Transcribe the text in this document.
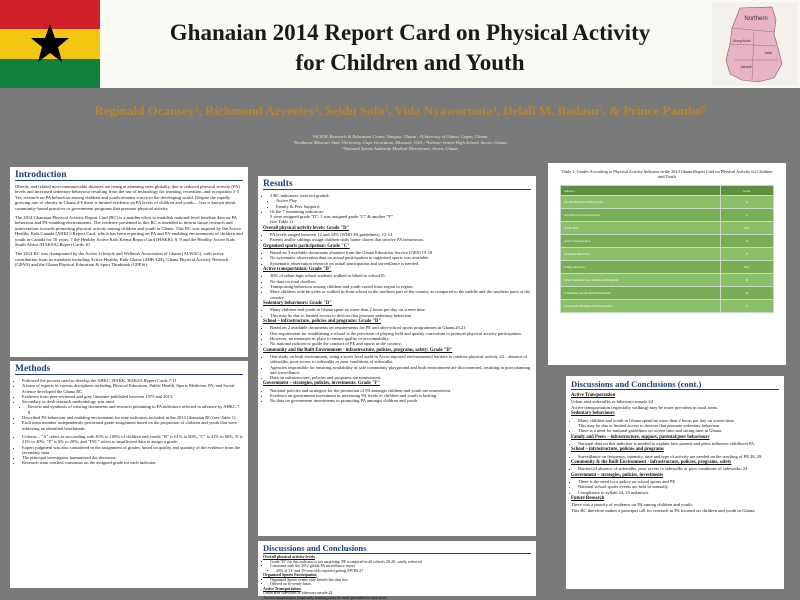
Ghanaian 2014 Report Card on Physical Activity
for Children and Youth
Northern
Brong Ahafo
Volta
Ashanti
Reginald Ocansey¹, Richmond Aryeetey², Seidu Sofo³, Vida Nyawornota⁴, Delali M. Badasu², & Prince Pambo⁵
¹ACHAL Research & Education Center, Nungua, Ghana ; ²University of Ghana, Legon, Ghana
³Southeast Missouri State University, Cape Girardeau, Missouri, USA ; ⁴Labone Senior High School, Accra, Ghana
⁵National Sports Authority Medical Directorate, Accra, Ghana
Introduction

Obesity and related non-communicable diseases are rising at alarming rates globally, due to reduced physical activity (PA) levels and increased sedentary behaviour resulting from the use of technology for learning, recreation, and occupation.1-3 Yet, research on PA behaviour among children and youth remains scarce in the developing world. Despite the rapidly growing rate of obesity in Ghana,4-6 there is limited evidence on PA levels of children and youth— less is known about community-based practices or government programs that promote physical activity.

The 2014 Ghanaian Physical Activity Report Card (RC) is a maiden effort to establish national-level baseline data on PA behaviour and PA-enabling environments. The evidence presented in this RC is intended to inform future research and interventions towards promoting physical activity among children and youth in Ghana. This RC was inspired by the Active Healthy Kids Canada (AHKC) Report Card, which has been reporting on PA and PA-enabling environments of children and youth in Canada for 10 years, 7 the Healthy Active Kids Kenya Report Card (HAKK), 8, 9 and the Healthy Active Kids South Africa (HAKSA) Report Cards 10

The 2014 RC was championed by the Active Lifestyle and Wellness Association of Ghana (ALWAG), with active contribution from its members including Active Healthy Kids-Ghana (AHK-GH), Ghana Physical Activity Network (GPAN) and the Ghana Physical Education & Sport Thinktank (GPESt).

Methods
• Followed the process used to develop the AHKC, HAKK, HAKSA Report Cards.7-11
• A team of experts in various disciplines including Physical Education, Public Health, Sports Medicine, PA, and Social Science developed the Ghana RC.
• Evidence from peer-reviewed and grey literature published between 1975 and 2013.
• Secondary or desk research methodology was used.
• Review and synthesis of existing documents and research pertaining to PA indicators selected in advance by AHKC.7, 8
• Described PA behaviour and enabling environment for nine indicators included in the 2014 Ghanaian RC (see Table 1).
• Each team member independently performed grade assignment based on the proportion of children and youth that were achieving an identified benchmark:
• Criteria— "A" refers to succeeding with 81% to 100% of children and youth; "B" is 61% to 80%; "C" is 41% to 60%, D is 21% to 40%; "F" is 0% to 20%; and "INC" refers to insufficient data to assign a grade.
• Expert judgment was also considered in the assignment of grades, based on quality and quantity of the evidence from the secondary data.
• The principal investigator harmonized the decisions.
• Research team reached consensus on the assigned grade for each indicator.
Results
• 2 RC indicators were not graded:
• Active Play
• Family & Peer Support).
• Of the 7 remaining indicators:
5 were assigned grade "D"; 1 was assigned grade "C" & another "F".
(see Table 1)
Overall physical activity levels: Grade "D"
• PA levels ranged between 12 and 34% (WHO PA guidelines). 12-14
• Parents and/or siblings assign children daily home chores that involve PA behaviours.
Organised sports participation: Grade "C"
• Based on 3 available documents obtained from the Ghana Education Service (GES) 15-18
• No systematic observation data on actual participation in organised sports was available.
• Systematic observation research on actual participation and surveillance is needed.
Active transportation: Grade "D"
• 36% of urban high school students walked or biked to school19.
• No data on rural dwellers
• Transporting behaviour among children and youth varied from region to region.
• More children rode bicycles or walked to/from school in the northern part of the country as compared to the middle and the southern parts of the country.
Sedentary behaviours: Grade "D"
• Many children and youth in Ghana spent no more than 2 hours per day on screen time.
• This may be due to limited access to devices that promote sedentary behaviour
School – infrastructure, policies and programs: Grade "D"
• Based on 2 available documents on requirements for PE and after-school sports programmes in Ghana.20,21
• One requirement for establishing a school is the provision of playing field and quality curriculum to promote physical activity participation.
• However, no measures in place to ensure quality or accountability.
• No national policies to guide the conduct of PE and sports in the country.
Community and the Built Environment - infrastructure, policies, programs, safety: Grade "D"
• One study on built environment, using a street level audit in Accra reported environmental barriers to outdoor physical activity 24 – absence of sidewalks, poor access to sidewalks or poor conditions of sidewalks.
• Agencies responsible for ensuring availability of safe community playground and built environment are disconnected, resulting in poor planning and surveillance.
• Data on infrastructure, policies and programs are nonexistent.
Government – strategies, policies, investments: Grade "F"
• National policies and strategies for the promotion of PA amongst children and youth are nonexistent.
• Evidence on government investment in increasing PA levels of children and youth is lacking.
• No data on government investments in promoting PA amongst children and youth
Discussions and Conclusions
Overall physical activity levels
• Grade "D" for this indicator is not surprising. PE is required in all schools,20-26 –rarely enforced.
• Consistent with the 2012 global PA surveillance report
• 20% of 13- and 15-year-olds reported getting MVPA.27
Organized Sports Participation
• Organized Sports events only benefit the slim few.
• Offered on bi-yearly basis.
Active Transportation
Urban area sidewalks or bikeways unsafe.24
Active transportation (especially walking) may be more prevalent in rural areas.
Table 1: Grades According to Physical Activity Indicator in the 2014 Ghana Report Card on Physical Activity for Children and Youth
Indicator	Grade
Overall Physical Activity Levels	D
Organized Sport Participation	C
Active Play	INC
Active Transportation	D
Sedentary Behaviours	D
Family and Peers	INC
School: Infrastructure, Policies and Programs	D
Community and the Built Environment	D
Government Strategies and Investments	F
Discussions and Conclusions (cont.)
Active Transportation
Urban area sidewalks or bikeways unsafe.24
Active transportation (especially walking) may be more prevalent in rural areas.
Sedentary behaviours
• Many children and youth in Ghana spend no more than 2 hours per day on screen time.
This may be due to limited access to devices that promote sedentary behaviour
• There is a need for national guidelines on screen time and sitting time in Ghana.
Family and Peers – infrastructure, support, parental/peer behaviours
• National data on this indicator is needed to explain how parents and peers influence childhood PA.
School – infrastructure, policies and programs
• Surveillance on frequency, intensity, time and type of activity are needed on the teaching of PE.28, 29
Community & the Built Environment - infrastructure, policies, programs, safety
• Barriers24 absence of sidewalks, poor access to sidewalks or poor conditions of sidewalks. 24
Government – strategies, policies, investments
• There is the need for a policy on school sports and PE
• National school sports events are held bi-annually.
• Compliance to syllabi 24, 25 unknown.
Future Research
There was a paucity of evidence on PA among children and youth.
This RC therefore makes a principal call for research in PA focused on children and youth in Ghana.
